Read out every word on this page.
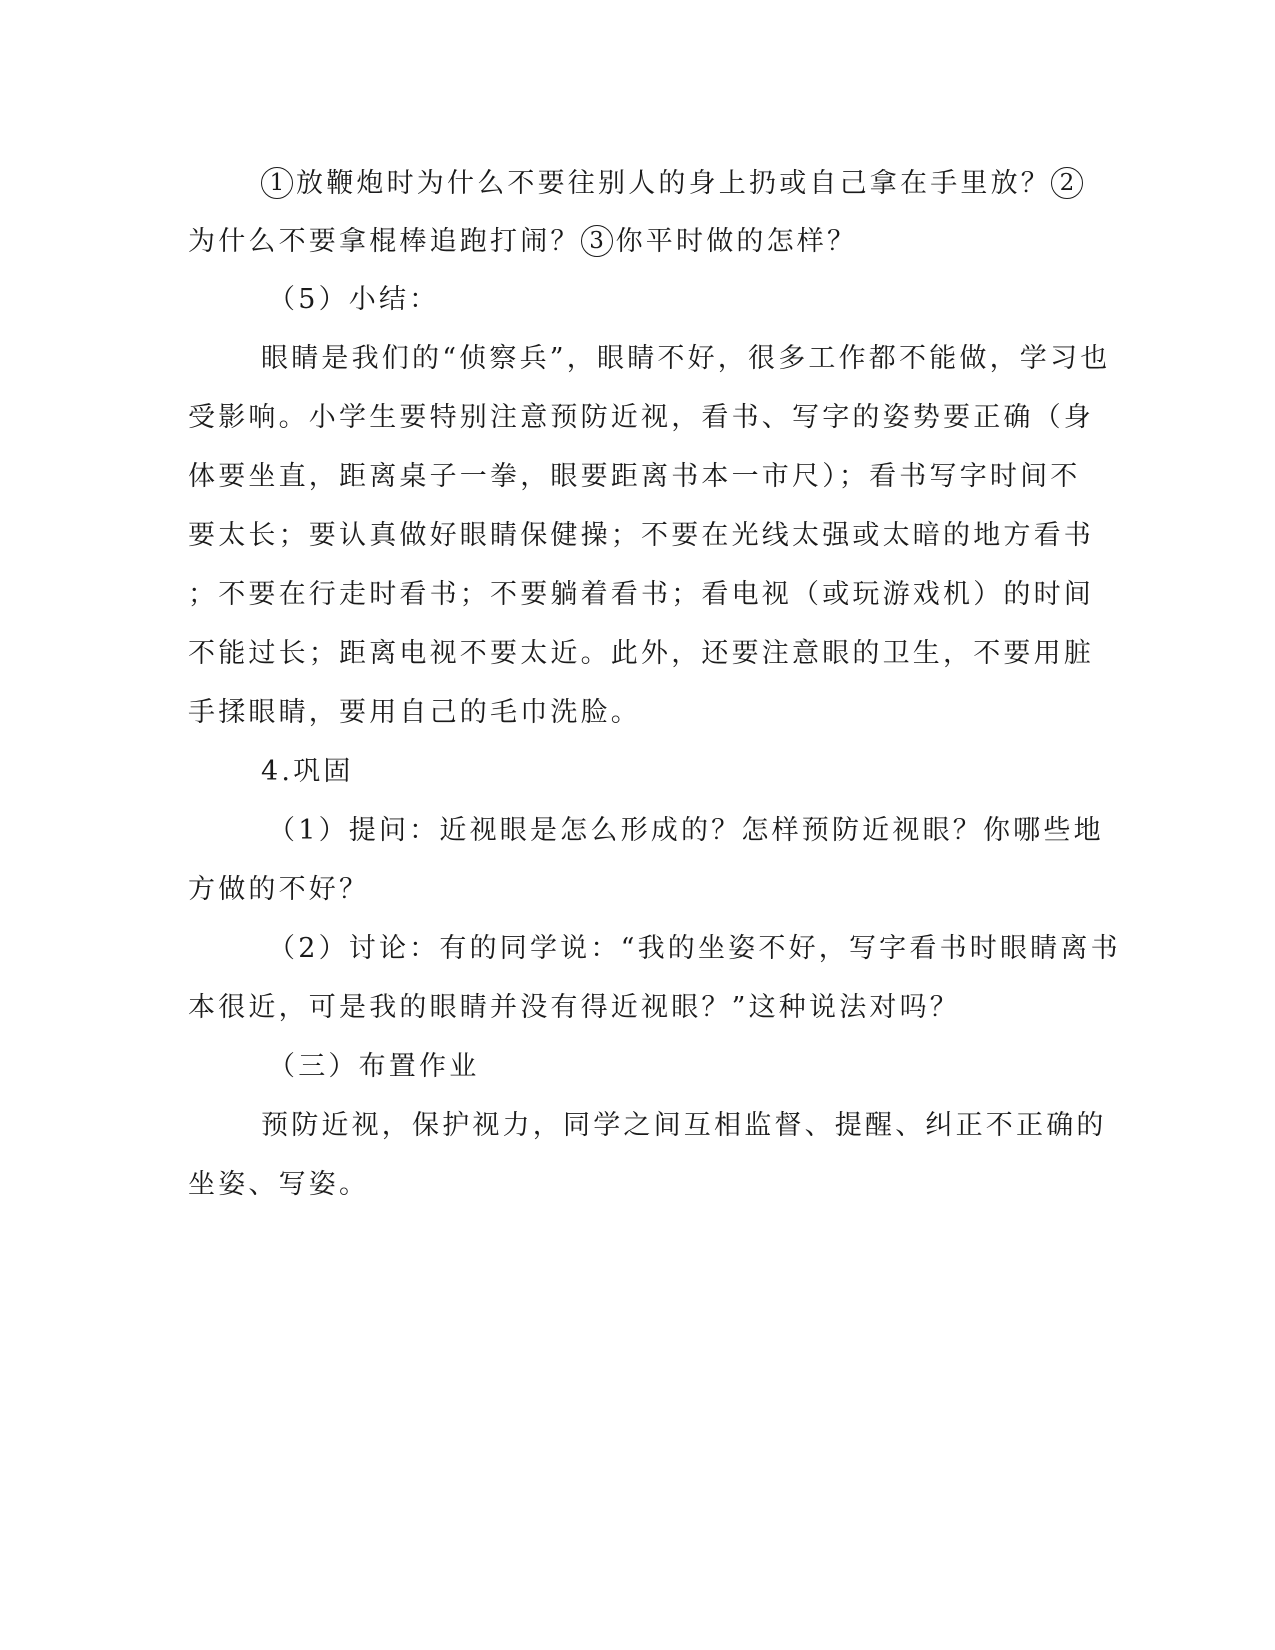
1 放鞭炮时为什么不要往别人的身上扔或自己拿在手里放？ 2
为什么不要拿棍棒追跑打闹？ 3 你平时做的怎样？
（5）小结：
眼睛是我们的“侦察兵”，眼睛不好，很多工作都不能做，学习也
受影响。小学生要特别注意预防近视，看书、写字的姿势要正确（身
体要坐直，距离桌子一拳，眼要距离书本一市尺）；看书写字时间不
要太长；要认真做好眼睛保健操；不要在光线太强或太暗的地方看书
；不要在行走时看书；不要躺着看书；看电视（或玩游戏机）的时间
不能过长；距离电视不要太近。此外，还要注意眼的卫生，不要用脏
手揉眼睛，要用自己的毛巾洗脸。
4.巩固
（1）提问：近视眼是怎么形成的？怎样预防近视眼？你哪些地
方做的不好？
（2）讨论：有的同学说：“我的坐姿不好，写字看书时眼睛离书
本很近，可是我的眼睛并没有得近视眼？”这种说法对吗？
（三）布置作业
预防近视，保护视力，同学之间互相监督、提醒、纠正不正确的
坐姿、写姿。
